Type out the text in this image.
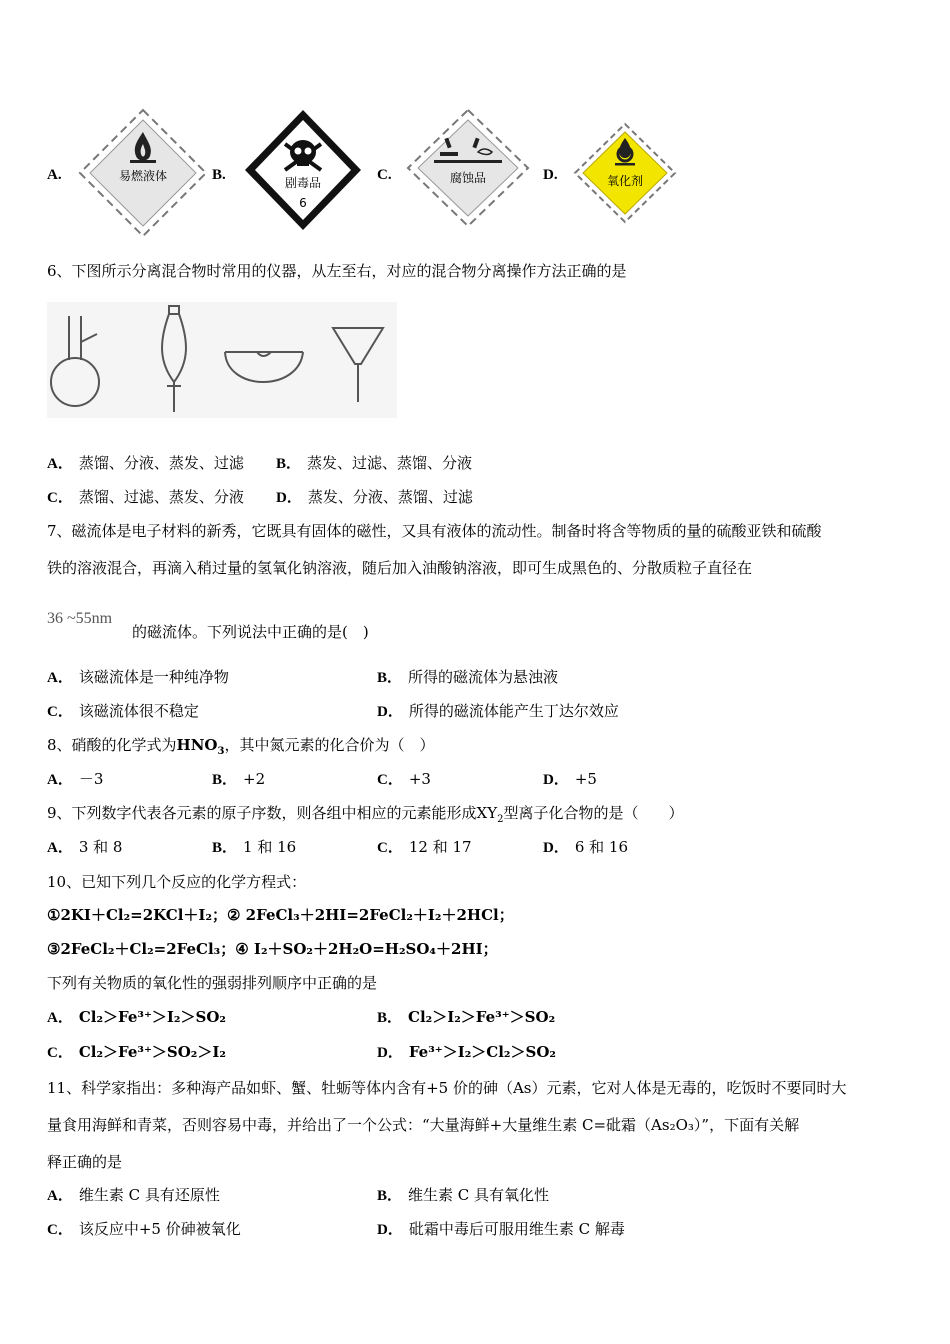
A.	易燃液体	B.	剧毒品
6
C.	腐蚀品	D.	氧化剂
6、下图所示分离混合物时常用的仪器，从左至右，对应的混合物分离操作方法正确的是
A． 蒸馏、分液、蒸发、过滤 B． 蒸发、过滤、蒸馏、分液
C． 蒸馏、过滤、蒸发、分液 D． 蒸发、分液、蒸馏、过滤
7、磁流体是电子材料的新秀，它既具有固体的磁性，又具有液体的流动性。制备时将含等物质的量的硫酸亚铁和硫酸
铁的溶液混合，再滴入稍过量的氢氧化钠溶液，随后加入油酸钠溶液，即可生成黑色的、分散质粒子直径在
36 ~55nm
的磁流体。下列说法中正确的是(　)
A． 该磁流体是一种纯净物	B． 所得的磁流体为悬浊液
C． 该磁流体很不稳定	D． 所得的磁流体能产生丁达尔效应
8、硝酸的化学式为$HNO_3$，其中氮元素的化合价为（　）
A． －3	B． +2	C． +3	D． +5
9、下列数字代表各元素的原子序数，则各组中相应的元素能形成$XY_2$型离子化合物的是（　　）
A． 3 和 8	B． 1 和 16	C． 12 和 17	D． 6 和 16
10、已知下列几个反应的化学方程式：
①2KI＋Cl₂=2KCl＋I₂；② 2FeCl₃＋2HI=2FeCl₂＋I₂＋2HCl；
③2FeCl₂＋Cl₂=2FeCl₃；④ I₂＋SO₂＋2H₂O=H₂SO₄＋2HI；
下列有关物质的氧化性的强弱排列顺序中正确的是
A． Cl₂＞Fe³⁺＞I₂＞SO₂	B． Cl₂＞I₂＞Fe³⁺＞SO₂
C． Cl₂＞Fe³⁺＞SO₂＞I₂	D． Fe³⁺＞I₂＞Cl₂＞SO₂
11、科学家指出：多种海产品如虾、蟹、牡蛎等体内含有+5 价的砷（As）元素，它对人体是无毒的，吃饭时不要同时大
量食用海鲜和青菜，否则容易中毒，并给出了一个公式：“大量海鲜+大量维生素 C=砒霜（As₂O₃）”，下面有关解
释正确的是
A． 维生素 C 具有还原性	B． 维生素 C 具有氧化性
C． 该反应中+5 价砷被氧化	D． 砒霜中毒后可服用维生素 C 解毒
